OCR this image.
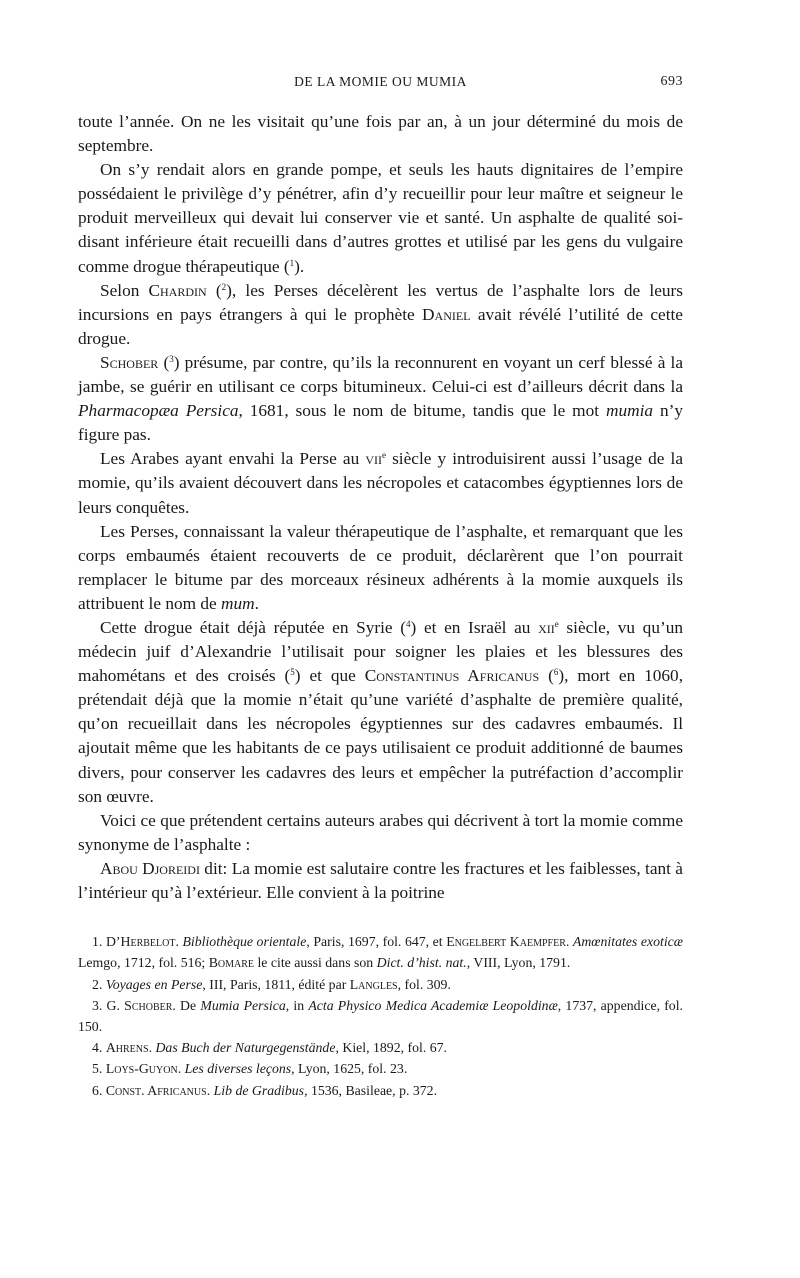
DE LA MOMIE OU MUMIA	693

toute l’année. On ne les visitait qu’une fois par an, à un jour déterminé du mois de septembre.

On s’y rendait alors en grande pompe, et seuls les hauts dignitaires de l’empire possédaient le privilège d’y pénétrer, afin d’y recueillir pour leur maître et seigneur le produit merveilleux qui devait lui conserver vie et santé. Un asphalte de qualité soi-disant inférieure était recueilli dans d’autres grottes et utilisé par les gens du vulgaire comme drogue thérapeutique ($^1$).

Selon Chardin ($^2$), les Perses décelèrent les vertus de l’asphalte lors de leurs incursions en pays étrangers à qui le prophète Daniel avait révélé l’utilité de cette drogue.

Schober ($^3$) présume, par contre, qu’ils la reconnurent en voyant un cerf blessé à la jambe, se guérir en utilisant ce corps bitumineux. Celui-ci est d’ailleurs décrit dans la Pharmacopæa Persica, 1681, sous le nom de bitume, tandis que le mot mumia n’y figure pas.

Les Arabes ayant envahi la Perse au vii$^e$ siècle y introduisirent aussi l’usage de la momie, qu’ils avaient découvert dans les nécropoles et catacombes égyptiennes lors de leurs conquêtes.

Les Perses, connaissant la valeur thérapeutique de l’asphalte, et remarquant que les corps embaumés étaient recouverts de ce produit, déclarèrent que l’on pourrait remplacer le bitume par des morceaux résineux adhérents à la momie auxquels ils attribuent le nom de mum.

Cette drogue était déjà réputée en Syrie ($^4$) et en Israël au xii$^e$ siècle, vu qu’un médecin juif d’Alexandrie l’utilisait pour soigner les plaies et les blessures des mahométans et des croisés ($^5$) et que Constantinus Africanus ($^6$), mort en 1060, prétendait déjà que la momie n’était qu’une variété d’asphalte de première qualité, qu’on recueillait dans les nécropoles égyptiennes sur des cadavres embaumés. Il ajoutait même que les habitants de ce pays utilisaient ce produit additionné de baumes divers, pour conserver les cadavres des leurs et empêcher la putréfaction d’accomplir son œuvre.

Voici ce que prétendent certains auteurs arabes qui décrivent à tort la momie comme synonyme de l’asphalte :

Abou Djoreidi dit: La momie est salutaire contre les fractures et les faiblesses, tant à l’intérieur qu’à l’extérieur. Elle convient à la poitrine

1. D’Herbelot. Bibliothèque orientale, Paris, 1697, fol. 647, et Engelbert Kaempfer. Amœnitates exoticæ Lemgo, 1712, fol. 516; Bomare le cite aussi dans son Dict. d’hist. nat., VIII, Lyon, 1791.

2. Voyages en Perse, III, Paris, 1811, édité par Langles, fol. 309.

3. G. Schober. De Mumia Persica, in Acta Physico Medica Academiæ Leopoldinæ, 1737, appendice, fol. 150.

4. Ahrens. Das Buch der Naturgegenstände, Kiel, 1892, fol. 67.

5. Loys-Guyon. Les diverses leçons, Lyon, 1625, fol. 23.

6. Const. Africanus. Lib de Gradibus, 1536, Basileae, p. 372.
